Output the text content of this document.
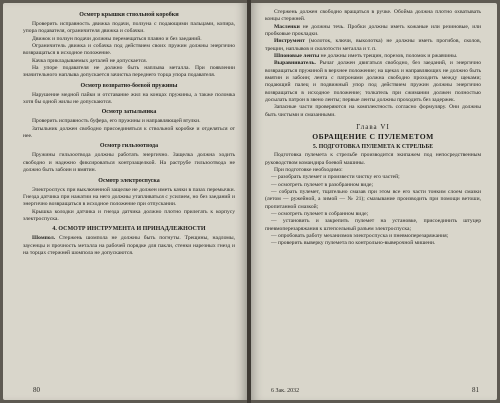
Осмотр крышки ствольной коробки
Проверить исправность движка подачи, ползуна с подающими пальцами, копира, упора подавателя, ограничителя движка и собачки.
Движок и ползун подачи должны перемещаться плавно и без заеданий.
Ограничитель движка и собачка под действием своих пружин должны энергично возвращаться в исходное положение.
Качка прикладываемых деталей не допускается.
На упоре подавателя не должно быть наплыва металла. При появлении значительного наплыва допускается зачистка переднего торца упора подавателя.
Осмотр возвратно-боевой пружины
Нарушение медной пайки и отставание жил на концах пружины, а также поломка хотя бы одной жилы не допускаются.
Осмотр затыльника
Проверить исправность буфера, его пружины и направляющей втулки.
Затыльник должен свободно присоединяться к ствольной коробке и отделяться от нее.
Осмотр гильзоотвода
Пружины гильзоотвода должны работать энергично. Защелка должна ходить свободно и надежно фиксироваться контрзащелкой. На раструбе гильзоотвода не должно быть забоин и вмятин.
Осмотр электроспуска
Электроспуск при выключенной защелке не должен иметь качки в пазах перемычки. Гнезда датчика при нажатии на него должны утапливаться с усилием, но без заеданий и энергично возвращаться в исходное положение при отпускании.
Крышка колодки датчика и гнезда датчика должно плотно прилегать к корпусу электроспуска.
4. ОСМОТР ИНСТРУМЕНТА И ПРИНАДЛЕЖНОСТИ
Шомпол. Стержень шомпола не должны быть погнуты. Трещины, надломы, заусенцы и прочность металла на рабочей порядке для пакли, стенки нарезных гнезд и на торцах стержней шомпола не допускаются.
80
Стержень должен свободно вращаться в ручке. Обойма должна плотно охватывать концы стержней.
Масленки не должны течь. Пробки должны иметь кожаные или резиновые, или пробковые прокладки.
Инструмент (молоток, ключи, выколотка) не должны иметь прогибов, сколов, трещин, наплывов и сколотости металла и т. п.
Шпоновые ленты не должны иметь трещин, порезов, поломок и ржавчины.
Выравниватель. Рычаг должен двигаться свободно, без заеданий, и энергично возвращаться пружиной в верхнее положение; на щеках и направляющих не должно быть вмятин и забоин; лента с патронами должна свободно проходить между щеками; подающий палец и подвижный упор под действием пружин должны энергично возвращаться в исходное положение; толкатель при сжимании должен полностью досылать патрон в звено ленты; первые ленты должны проходить без задержек.
Запасные части проверяются на комплектность согласно формуляру. Они должны быть чистыми и смазанными.
Глава VI
ОБРАЩЕНИЕ С ПУЛЕМЕТОМ
5. ПОДГОТОВКА ПУЛЕМЕТА К СТРЕЛЬБЕ
Подготовка пулемета к стрельбе производится экипажем под непосредственным руководством командира боевой машины.
При подготовке необходимо:
— разобрать пулемет и произвести чистку его частей;
— осмотреть пулемет в разобранном виде;
— собрать пулемет, тщательно смазав при этом все его части тонким слоем смазки (летом — ружейной, а зимой — № 21); смазывание производить при помощи ветоши, пропитанной смазкой;
— осмотреть пулемет в собранном виде;
— установить и закрепить пулемет на установке, присоединить штуцер пневмоперезаряжания к штепсельный разъем электроспуска;
— опробовать работу механизмов электроспуска и пневмоперезаряжания;
— проверить выверку пулемета по контрольно-выверочной мишени.
6 Зак. 2032	81
